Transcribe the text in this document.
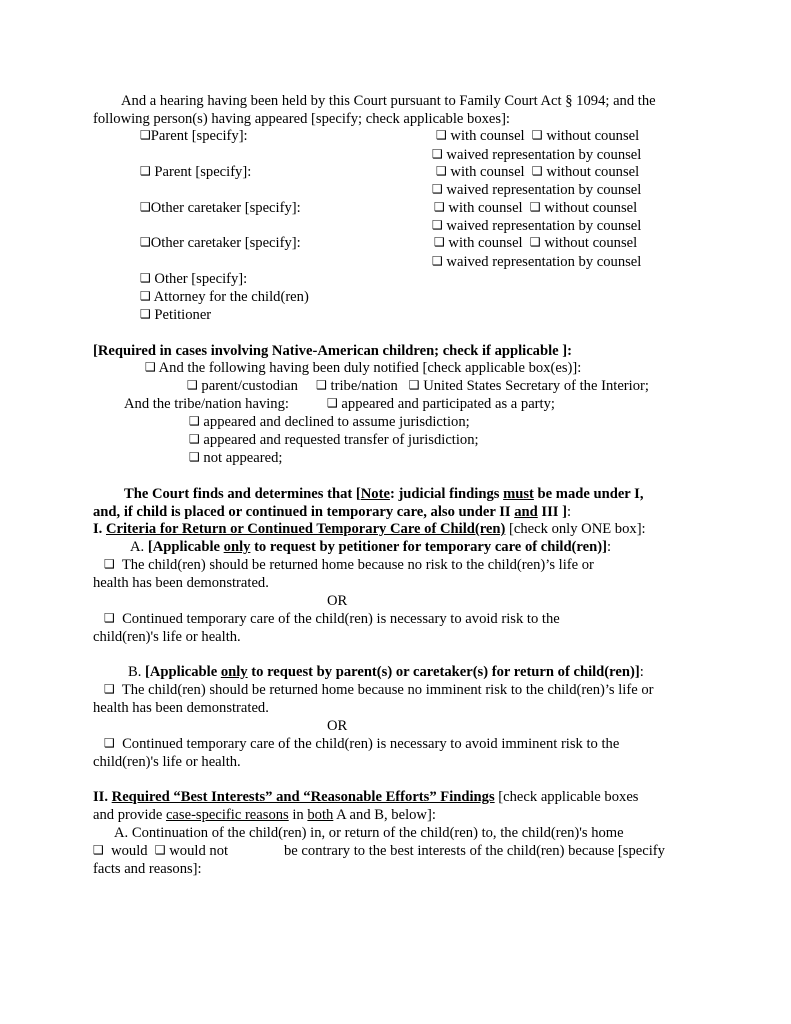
And a hearing having been held by this Court pursuant to Family Court Act § 1094; and the
following person(s) having appeared [specify; check applicable boxes]:
❑Parent [specify]:	❑ with counsel ❑ without counsel
❑ waived representation by counsel
❑ Parent [specify]:	❑ with counsel ❑ without counsel
❑ waived representation by counsel
❑Other caretaker [specify]:	❑ with counsel ❑ without counsel
❑ waived representation by counsel
❑Other caretaker [specify]:	❑ with counsel ❑ without counsel
❑ waived representation by counsel
❑ Other [specify]:
❑ Attorney for the child(ren)
❑ Petitioner
[Required in cases involving Native-American children; check if applicable ]:
❑ And the following having been duly notified [check applicable box(es)]:
❑ parent/custodian ❑ tribe/nation ❑ United States Secretary of the Interior;
And the tribe/nation having:	❑ appeared and participated as a party;
❑ appeared and declined to assume jurisdiction;
❑ appeared and requested transfer of jurisdiction;
❑ not appeared;
The Court finds and determines that [Note: judicial findings must be made under I,
and, if child is placed or continued in temporary care, also under II and III ]:
I. Criteria for Return or Continued Temporary Care of Child(ren) [check only ONE box]:
A. [Applicable only to request by petitioner for temporary care of child(ren)]:
❑ The child(ren) should be returned home because no risk to the child(ren)’s life or
health has been demonstrated.
OR
❑ Continued temporary care of the child(ren) is necessary to avoid risk to the
child(ren)'s life or health.
B. [Applicable only to request by parent(s) or caretaker(s) for return of child(ren)]:
❑ The child(ren) should be returned home because no imminent risk to the child(ren)’s life or
health has been demonstrated.
OR
❑ Continued temporary care of the child(ren) is necessary to avoid imminent risk to the
child(ren)'s life or health.
II. Required “Best Interests” and “Reasonable Efforts” Findings [check applicable boxes
and provide case-specific reasons in both A and B, below]:
A. Continuation of the child(ren) in, or return of the child(ren) to, the child(ren)'s home
❑ would ❑ would not	be contrary to the best interests of the child(ren) because [specify
facts and reasons]:
